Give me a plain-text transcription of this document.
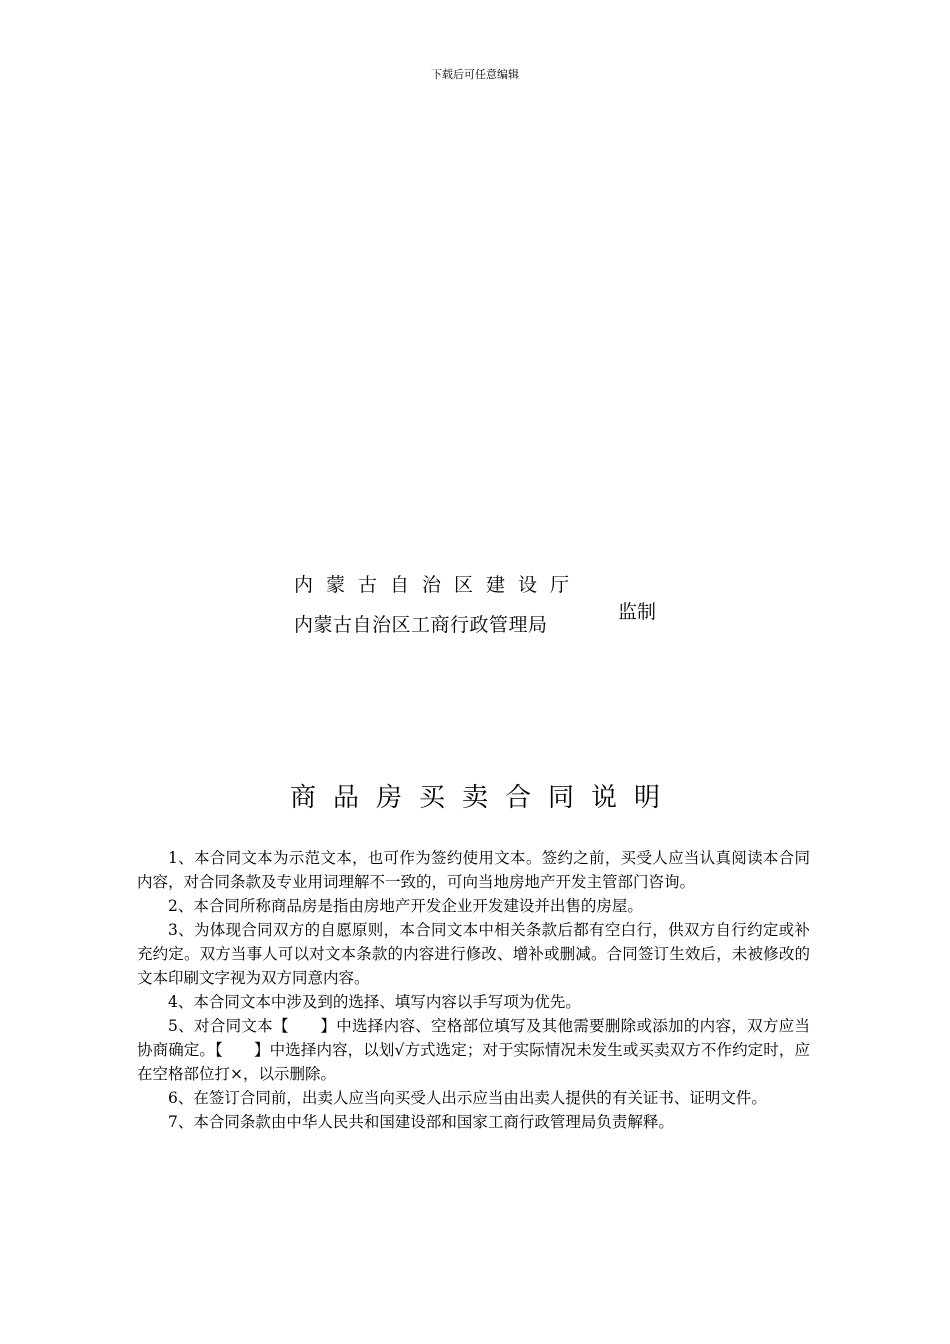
下载后可任意编辑
内蒙古自治区建设厅
内蒙古自治区工商行政管理局
监制
商品房买卖合同说明

1、本合同文本为示范文本，也可作为签约使用文本。签约之前，买受人应当认真阅读本合同内容，对合同条款及专业用词理解不一致的，可向当地房地产开发主管部门咨询。

2、本合同所称商品房是指由房地产开发企业开发建设并出售的房屋。

3、为体现合同双方的自愿原则，本合同文本中相关条款后都有空白行，供双方自行约定或补充约定。双方当事人可以对文本条款的内容进行修改、增补或删减。合同签订生效后，未被修改的文本印刷文字视为双方同意内容。

4、本合同文本中涉及到的选择、填写内容以手写项为优先。

5、对合同文本【　　】中选择内容、空格部位填写及其他需要删除或添加的内容，双方应当协商确定。【　　】中选择内容，以划√方式选定；对于实际情况未发生或买卖双方不作约定时，应在空格部位打×，以示删除。

6、在签订合同前，出卖人应当向买受人出示应当由出卖人提供的有关证书、证明文件。

7、本合同条款由中华人民共和国建设部和国家工商行政管理局负责解释。
